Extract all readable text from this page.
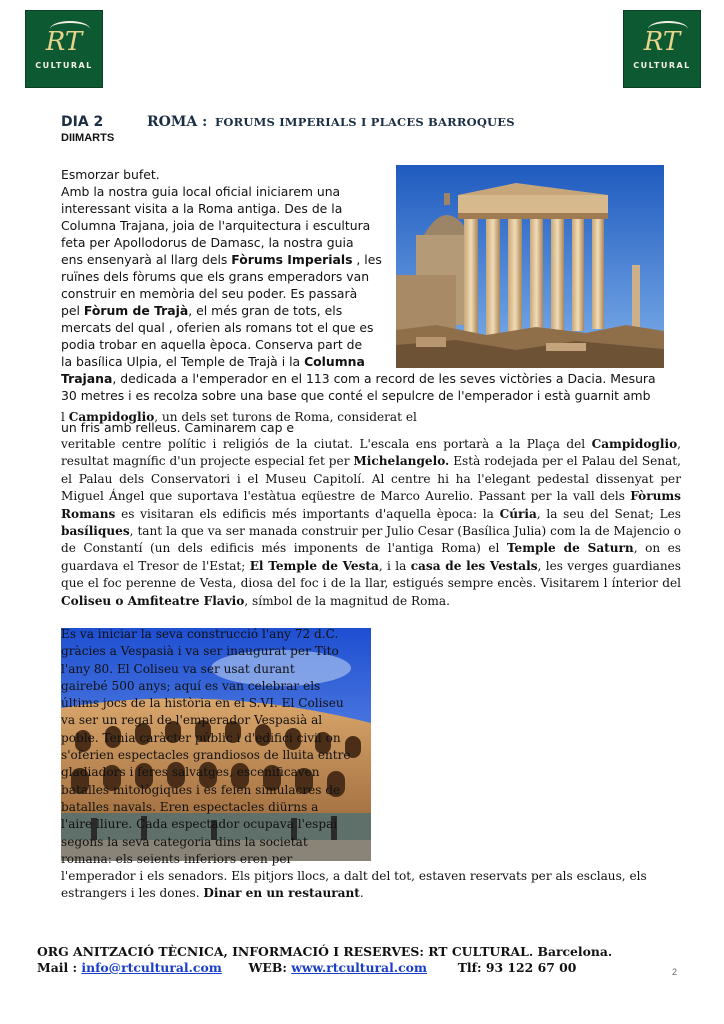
RT
CULTURAL
RT
CULTURAL
DIA 2
DIIMARTS
ROMA : FORUMS IMPERIALS I PLACES BARROQUES
Esmorzar bufet.
Amb la nostra guia local oficial iniciarem una
interessant visita a la Roma antiga. Des de la
Columna Trajana, joia de l'arquitectura i escultura
feta per Apollodorus de Damasc, la nostra guia
ens ensenyarà al llarg dels Fòrums Imperials , les
ruïnes dels fòrums que els grans emperadors van
construir en memòria del seu poder. Es passarà
pel Fòrum de Trajà, el més gran de tots, els
mercats del qual , oferien als romans tot el que es
podia trobar en aquella època. Conserva part de
la basílica Ulpia, el Temple de Trajà i la Columna
Trajana, dedicada a l'emperador en el 113 com a record de les seves victòries a Dacia. Mesura
30 metres i es recolza sobre una base que conté el sepulcre de l'emperador i està guarnit amb
l Campidoglio, un dels set turons de Roma, considerat el
un fris amb relleus. Caminarem cap e
veritable centre polític i religiós de la ciutat. L'escala ens portarà a la Plaça del Campidoglio, resultat magnífic d'un projecte especial fet per Michelangelo. Està rodejada per el Palau del Senat, el Palau dels Conservatori i el Museu Capitolí. Al centre hi ha l'elegant pedestal dissenyat per Miguel Ángel que suportava l'estàtua eqüestre de Marco Aurelio. Passant per la vall dels Fòrums Romans es visitaran els edificis més importants d'aquella època: la Cúria, la seu del Senat; Les basíliques, tant la que va ser manada construir per Julio Cesar (Basílica Julia) com la de Majencio o de Constantí (un dels edificis més imponents de l'antiga Roma) el Temple de Saturn, on es guardava el Tresor de l'Estat; El Temple de Vesta, i la casa de les Vestals, les verges guardianes que el foc perenne de Vesta, diosa del foc i de la llar, estigués sempre encès. Visitarem l ínterior del Coliseu o Amfiteatre Flavio, símbol de la magnitud de Roma.
Es va iniciar la seva construcció l'any 72 d.C.
gràcies a Vespasià i va ser inaugurat per Tito
l'any 80. El Coliseu va ser usat durant
gairebé 500 anys; aquí es van celebrar els
últims jocs de la història en el S.VI. El Coliseu
va ser un regal de l'emperador Vespasià al
poble. Tenia caràcter públic i d'edifici civil on
s'oferien espectacles grandiosos de lluita entre
gladiadors i feres salvatges, escenificaven
batalles mitològiques i es feien simulacres de
batalles navals. Eren espectacles diürns a
l'aire lliure. Cada espectador ocupava l'espai
segons la seva categoria dins la societat
romana: els seients inferiors eren per
l'emperador i els senadors. Els pitjors llocs, a dalt del tot, estaven reservats per als esclaus, els estrangers i les dones. Dinar en un restaurant.
ORG ANITZACIÓ TÈCNICA, INFORMACIÓ I RESERVES: RT CULTURAL. Barcelona.
Mail : info@rtcultural.com WEB: www.rtcultural.com Tlf: 93 122 67 00	2
